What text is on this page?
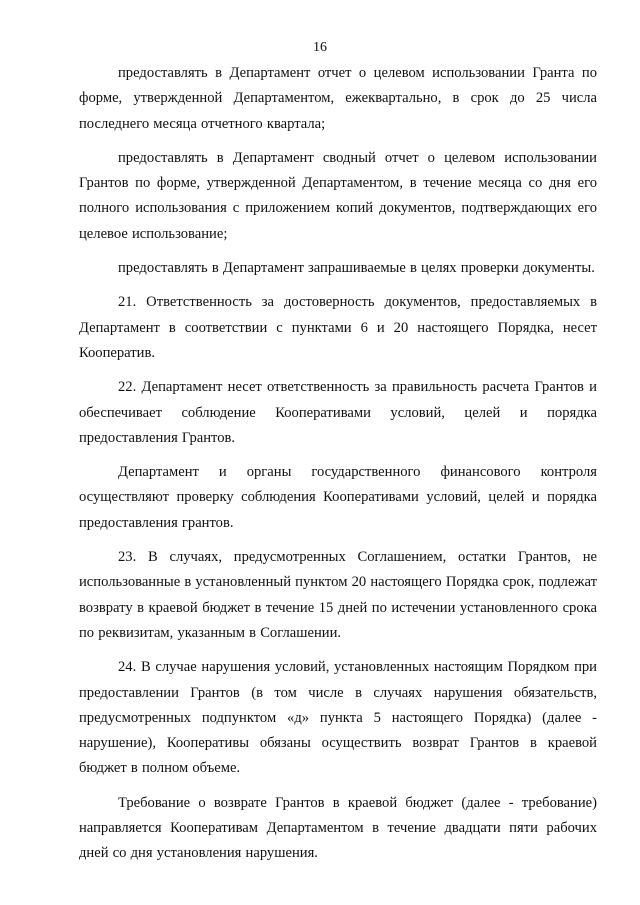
16

предоставлять в Департамент отчет о целевом использовании Гранта по форме, утвержденной Департаментом, ежеквартально, в срок до 25 числа последнего месяца отчетного квартала;

предоставлять в Департамент сводный отчет о целевом использовании Грантов по форме, утвержденной Департаментом, в течение месяца со дня его полного использования с приложением копий документов, подтверждающих его целевое использование;

предоставлять в Департамент запрашиваемые в целях проверки документы.

21. Ответственность за достоверность документов, предоставляемых в Департамент в соответствии с пунктами 6 и 20 настоящего Порядка, несет Кооператив.

22. Департамент несет ответственность за правильность расчета Грантов и обеспечивает соблюдение Кооперативами условий, целей и порядка предоставления Грантов.

Департамент и органы государственного финансового контроля осуществляют проверку соблюдения Кооперативами условий, целей и порядка предоставления грантов.

23. В случаях, предусмотренных Соглашением, остатки Грантов, не использованные в установленный пунктом 20 настоящего Порядка срок, подлежат возврату в краевой бюджет в течение 15 дней по истечении установленного срока по реквизитам, указанным в Соглашении.

24. В случае нарушения условий, установленных настоящим Порядком при предоставлении Грантов (в том числе в случаях нарушения обязательств, предусмотренных подпунктом «д» пункта 5 настоящего Порядка) (далее - нарушение), Кооперативы обязаны осуществить возврат Грантов в краевой бюджет в полном объеме.

Требование о возврате Грантов в краевой бюджет (далее - требование) направляется Кооперативам Департаментом в течение двадцати пяти рабочих дней со дня установления нарушения.
